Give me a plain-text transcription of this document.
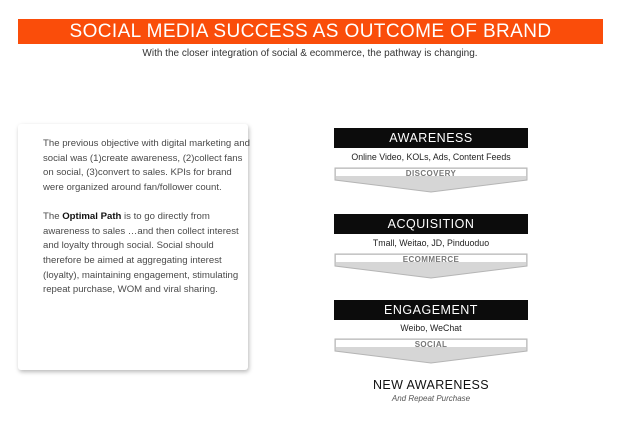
SOCIAL MEDIA SUCCESS AS OUTCOME OF BRAND
With the closer integration of social & ecommerce, the pathway is changing.

The previous objective with digital marketing and social was (1)create awareness, (2)collect fans on social, (3)convert to sales. KPIs for brand were organized around fan/follower count.

The Optimal Path is to go directly from awareness to sales …and then collect interest and loyalty through social. Social should therefore be aimed at aggregating interest (loyalty), maintaining engagement, stimulating repeat purchase, WOM and viral sharing.

AWARENESS
Online Video, KOLs, Ads, Content Feeds
DISCOVERY
ACQUISITION
Tmall, Weitao, JD, Pinduoduo
ECOMMERCE
ENGAGEMENT
Weibo, WeChat
SOCIAL
NEW AWARENESS
And Repeat Purchase
